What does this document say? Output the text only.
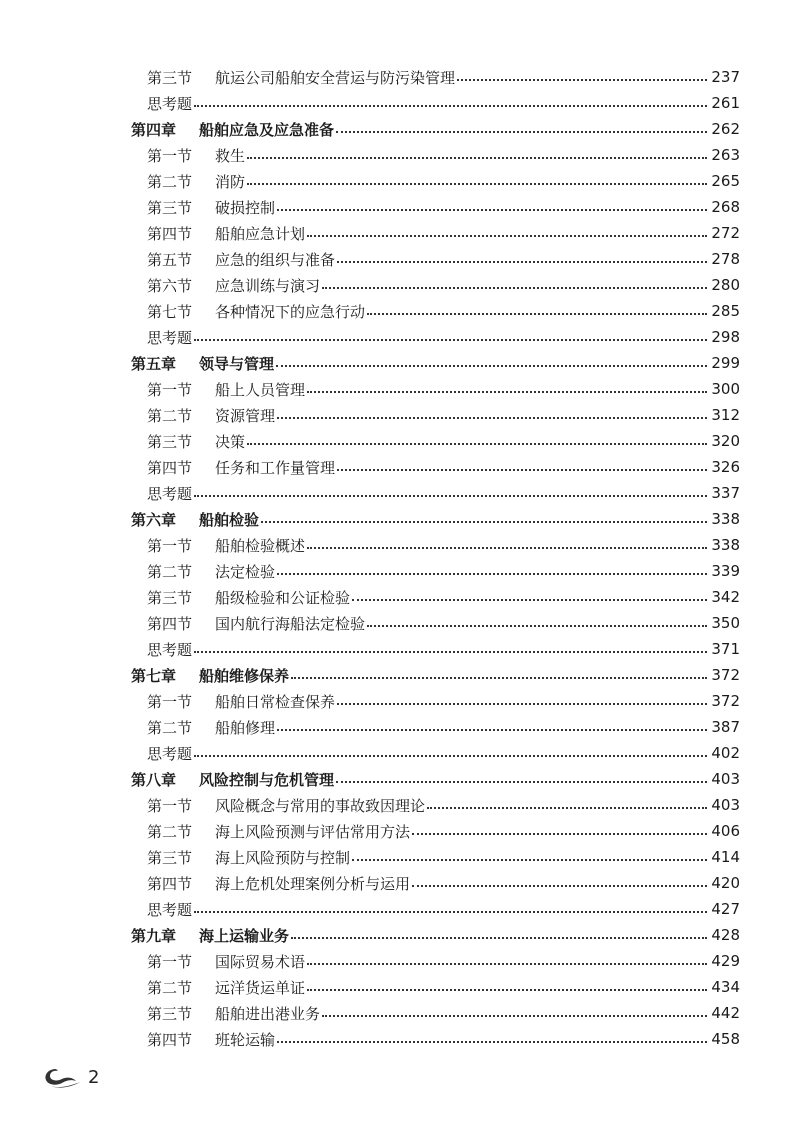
第三节	航运公司船舶安全营运与防污染管理	237
思考题	261
第四章	船舶应急及应急准备	262
第一节	救生	263
第二节	消防	265
第三节	破损控制	268
第四节	船舶应急计划	272
第五节	应急的组织与准备	278
第六节	应急训练与演习	280
第七节	各种情况下的应急行动	285
思考题	298
第五章	领导与管理	299
第一节	船上人员管理	300
第二节	资源管理	312
第三节	决策	320
第四节	任务和工作量管理	326
思考题	337
第六章	船舶检验	338
第一节	船舶检验概述	338
第二节	法定检验	339
第三节	船级检验和公证检验	342
第四节	国内航行海船法定检验	350
思考题	371
第七章	船舶维修保养	372
第一节	船舶日常检查保养	372
第二节	船舶修理	387
思考题	402
第八章	风险控制与危机管理	403
第一节	风险概念与常用的事故致因理论	403
第二节	海上风险预测与评估常用方法	406
第三节	海上风险预防与控制	414
第四节	海上危机处理案例分析与运用	420
思考题	427
第九章	海上运输业务	428
第一节	国际贸易术语	429
第二节	远洋货运单证	434
第三节	船舶进出港业务	442
第四节	班轮运输	458
2
